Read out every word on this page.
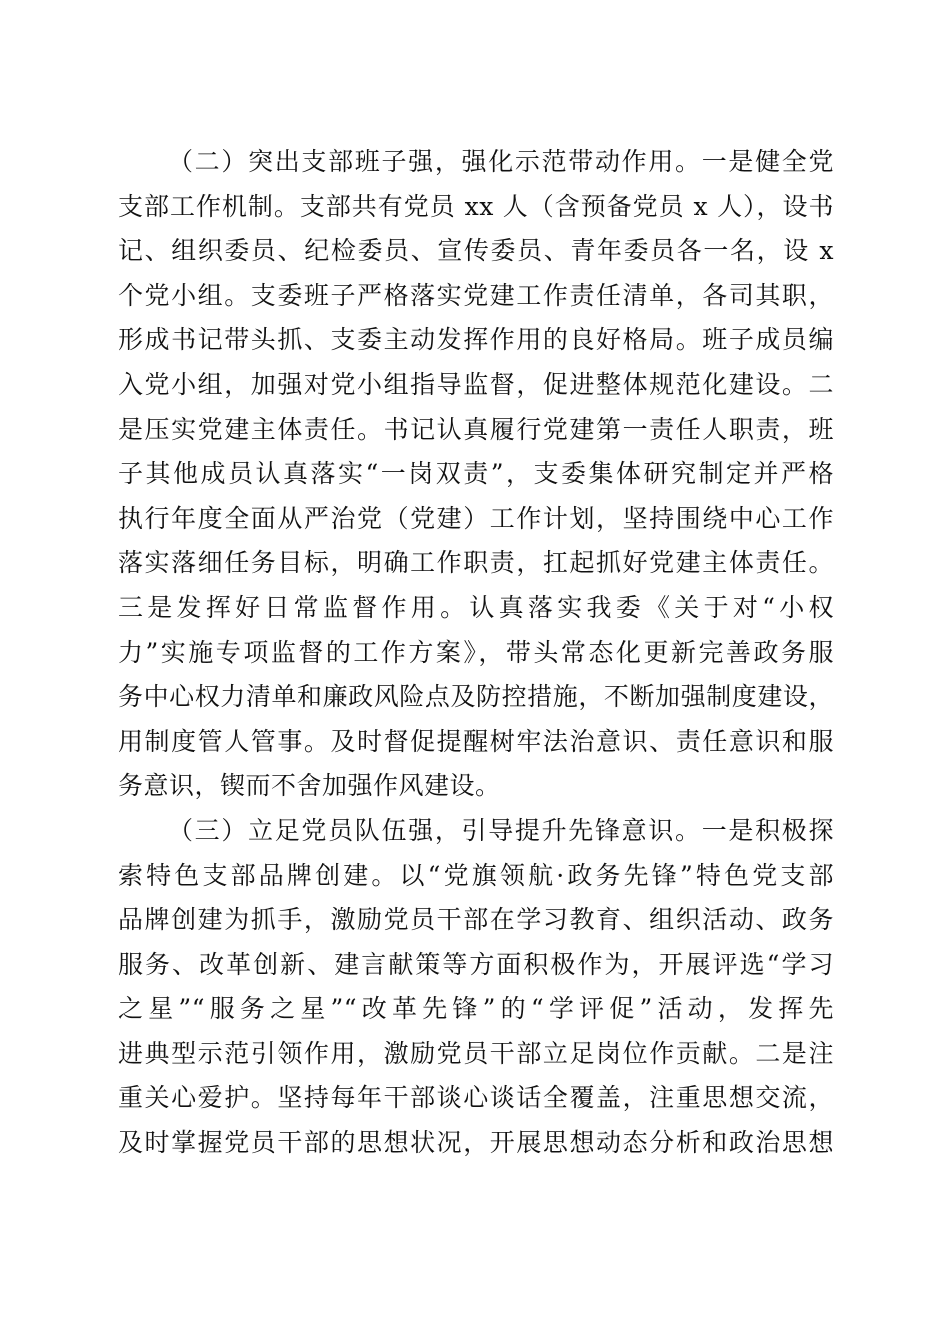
（二）突出支部班子强，强化示范带动作用。一是健全党
支部工作机制。支部共有党员 xx 人（含预备党员 x 人），设书
记、组织委员、纪检委员、宣传委员、青年委员各一名，设 x
个党小组。支委班子严格落实党建工作责任清单，各司其职，
形成书记带头抓、支委主动发挥作用的良好格局。班子成员编
入党小组，加强对党小组指导监督，促进整体规范化建设。二
是压实党建主体责任。书记认真履行党建第一责任人职责，班
子其他成员认真落实“一岗双责”，支委集体研究制定并严格
执行年度全面从严治党（党建）工作计划，坚持围绕中心工作
落实落细任务目标，明确工作职责，扛起抓好党建主体责任。
三是发挥好日常监督作用。认真落实我委《关于对“小权
力”实施专项监督的工作方案》，带头常态化更新完善政务服
务中心权力清单和廉政风险点及防控措施，不断加强制度建设，
用制度管人管事。及时督促提醒树牢法治意识、责任意识和服
务意识，锲而不舍加强作风建设。
（三）立足党员队伍强，引导提升先锋意识。一是积极探
索特色支部品牌创建。以“党旗领航·政务先锋”特色党支部
品牌创建为抓手，激励党员干部在学习教育、组织活动、政务
服务、改革创新、建言献策等方面积极作为，开展评选“学习
之星”“服务之星”“改革先锋”的“学评促”活动，发挥先
进典型示范引领作用，激励党员干部立足岗位作贡献。二是注
重关心爱护。坚持每年干部谈心谈话全覆盖，注重思想交流，
及时掌握党员干部的思想状况，开展思想动态分析和政治思想
